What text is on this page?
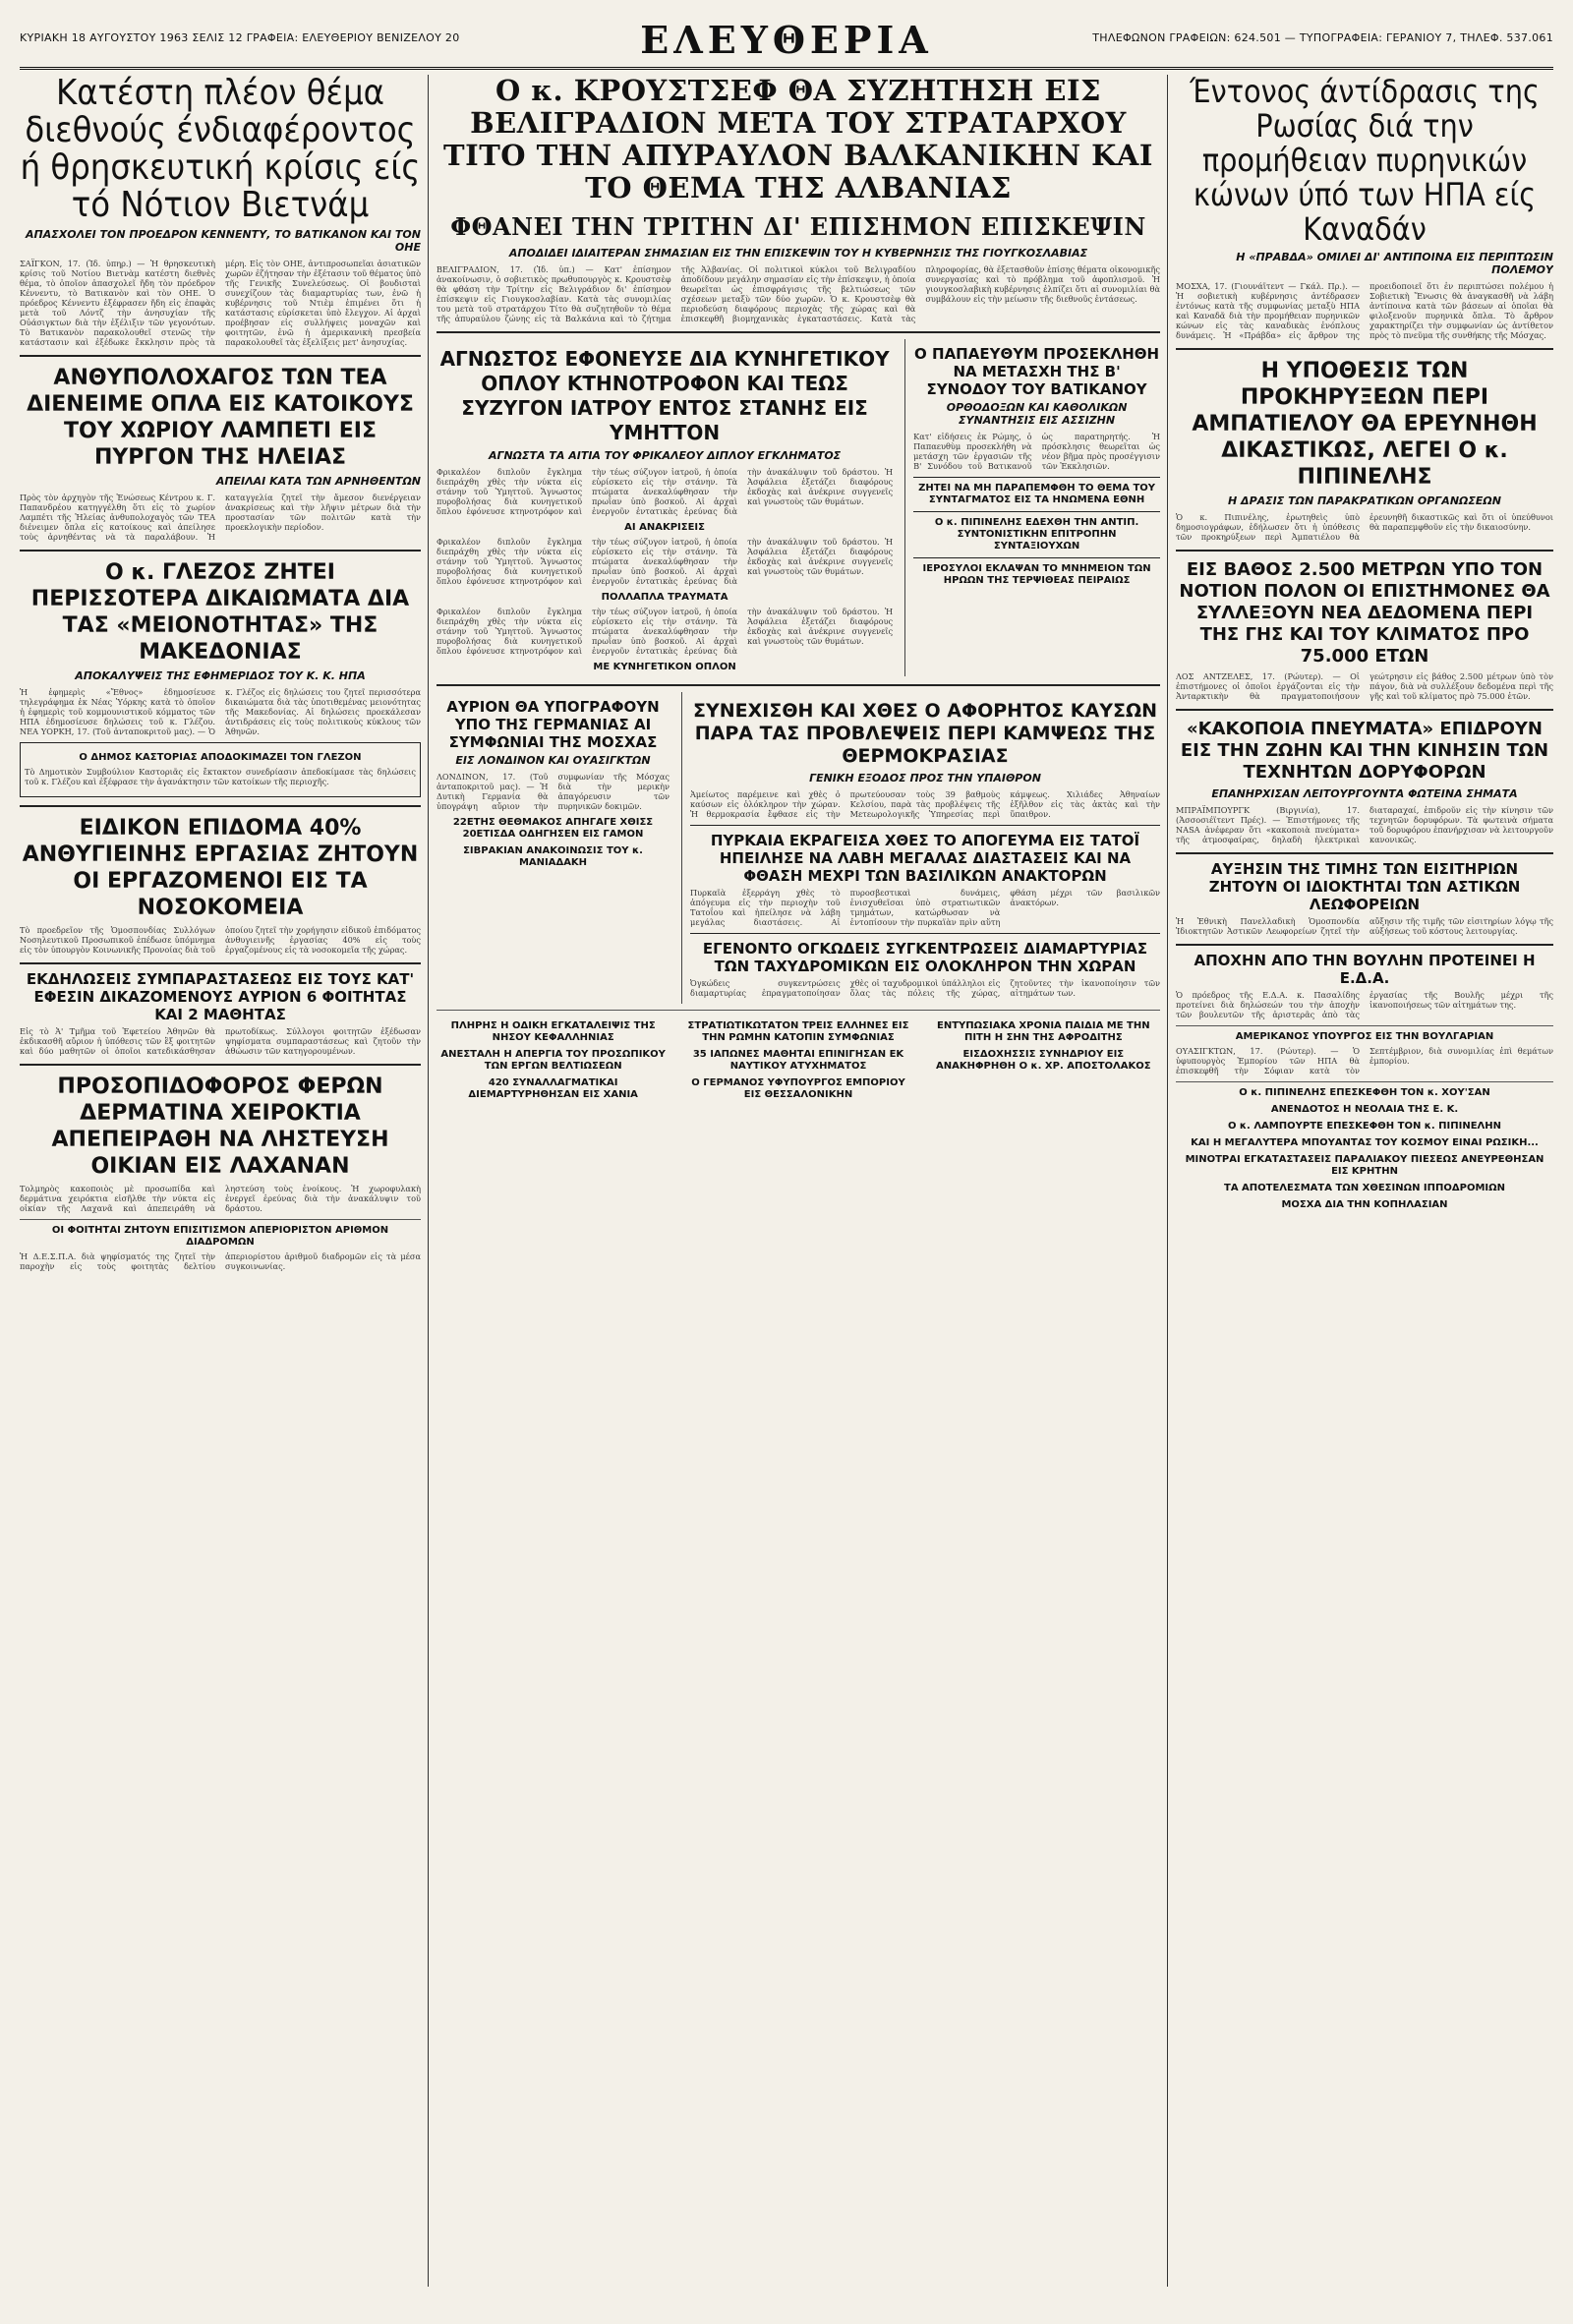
ΚΥΡΙΑΚΗ 18 ΑΥΓΟΥΣΤΟΥ 1963 ΣΕΛΙΣ 12 ΓΡΑΦΕΙΑ: ΕΛΕΥΘΕΡΙΟΥ ΒΕΝΙΖΕΛΟΥ 20	ΕΛΕΥΘΕΡΙΑ	ΤΗΛΕΦΩΝΟΝ ΓΡΑΦΕΙΩΝ: 624.501 — ΤΥΠΟΓΡΑΦΕΙΑ: ΓΕΡΑΝΙΟΥ 7, ΤΗΛΕΦ. 537.061
Κατέστη πλέον θέμα διεθνούς ένδιαφέροντος ή θρησκευτική κρίσις είς τό Νότιον Βιετνάμ
ΑΠΑΣΧΟΛΕΙ ΤΟΝ ΠΡΟΕΔΡΟΝ ΚΕΝΝΕΝΤΥ, ΤΟ ΒΑΤΙΚΑΝΟΝ ΚΑΙ ΤΟΝ ΟΗΕ
ΣΑΪΓΚΟΝ, 17. (Ἰδ. ὑπηρ.) — Ἡ θρησκευτικὴ κρίσις τοῦ Νοτίου Βιετνὰμ κατέστη διεθνὲς θέμα, τὸ ὁποῖον ἀπασχολεῖ ἤδη τὸν πρόεδρον Κέννεντυ, τὸ Βατικανὸν καὶ τὸν ΟΗΕ. Ὁ πρόεδρος Κέννεντυ ἐξέφρασεν ἤδη εἰς ἐπαφὰς μετὰ τοῦ Λόντζ τὴν ἀνησυχίαν τῆς Οὐάσιγκτων διὰ τὴν ἐξέλιξιν τῶν γεγονότων. Τὸ Βατικανὸν παρακολουθεῖ στενῶς τὴν κατάστασιν καὶ ἐξέδωκε ἔκκλησιν πρὸς τὰ μέρη. Εἰς τὸν ΟΗΕ, ἀντιπροσωπεῖαι ἀσιατικῶν χωρῶν ἐζήτησαν τὴν ἐξέτασιν τοῦ θέματος ὑπὸ τῆς Γενικῆς Συνελεύσεως. Οἱ βουδισταὶ συνεχίζουν τὰς διαμαρτυρίας των, ἐνῶ ἡ κυβέρνησις τοῦ Ντιὲμ ἐπιμένει ὅτι ἡ κατάστασις εὑρίσκεται ὑπὸ ἔλεγχον. Αἱ ἀρχαὶ προέβησαν εἰς συλλήψεις μοναχῶν καὶ φοιτητῶν, ἐνῶ ἡ ἀμερικανικὴ πρεσβεία παρακολουθεῖ τὰς ἐξελίξεις μετ' ἀνησυχίας.
ΑΝΘΥΠΟΛΟΧΑΓΟΣ ΤΩΝ ΤΕΑ ΔΙΕΝΕΙΜΕ ΟΠΛΑ ΕΙΣ ΚΑΤΟΙΚΟΥΣ ΤΟΥ ΧΩΡΙΟΥ ΛΑΜΠΕΤΙ ΕΙΣ ΠΥΡΓΟΝ ΤΗΣ ΗΛΕΙΑΣ
ΑΠΕΙΛΑΙ ΚΑΤΑ ΤΩΝ ΑΡΝΗΘΕΝΤΩΝ
Πρὸς τὸν ἀρχηγὸν τῆς Ἑνώσεως Κέντρου κ. Γ. Παπανδρέου κατηγγέλθη ὅτι εἰς τὸ χωρίον Λαμπέτι τῆς Ἠλείας ἀνθυπολοχαγὸς τῶν ΤΕΑ διένειμεν ὅπλα εἰς κατοίκους καὶ ἀπείλησε τοὺς ἀρνηθέντας νὰ τὰ παραλάβουν. Ἡ καταγγελία ζητεῖ τὴν ἄμεσον διενέργειαν ἀνακρίσεως καὶ τὴν λῆψιν μέτρων διὰ τὴν προστασίαν τῶν πολιτῶν κατὰ τὴν προεκλογικὴν περίοδον.
Ο κ. ΓΛΕΖΟΣ ΖΗΤΕΙ ΠΕΡΙΣΣΟΤΕΡΑ ΔΙΚΑΙΩΜΑΤΑ ΔΙΑ ΤΑΣ «ΜΕΙΟΝΟΤΗΤΑΣ» ΤΗΣ ΜΑΚΕΔΟΝΙΑΣ
ΑΠΟΚΑΛΥΨΕΙΣ ΤΗΣ ΕΦΗΜΕΡΙΔΟΣ ΤΟΥ Κ. Κ. ΗΠΑ
Ἡ ἐφημερὶς «Ἔθνος» ἐδημοσίευσε τηλεγράφημα ἐκ Νέας Ὑόρκης κατὰ τὸ ὁποῖον ἡ ἐφημερὶς τοῦ κομμουνιστικοῦ κόμματος τῶν ΗΠΑ ἐδημοσίευσε δηλώσεις τοῦ κ. Γλέζου. ΝΕΑ ΥΟΡΚΗ, 17. (Τοῦ ἀνταποκριτοῦ μας). — Ὁ κ. Γλέζος εἰς δηλώσεις του ζητεῖ περισσότερα δικαιώματα διὰ τὰς ὑποτιθεμένας μειονότητας τῆς Μακεδονίας. Αἱ δηλώσεις προεκάλεσαν ἀντιδράσεις εἰς τοὺς πολιτικοὺς κύκλους τῶν Ἀθηνῶν.
Ο ΔΗΜΟΣ ΚΑΣΤΟΡΙΑΣ ΑΠΟΔΟΚΙΜΑΖΕΙ ΤΟΝ ΓΛΕΖΟΝ
Τὸ Δημοτικὸν Συμβούλιον Καστοριᾶς εἰς ἔκτακτον συνεδρίασιν ἀπεδοκίμασε τὰς δηλώσεις τοῦ κ. Γλέζου καὶ ἐξέφρασε τὴν ἀγανάκτησιν τῶν κατοίκων τῆς περιοχῆς.
ΕΙΔΙΚΟΝ ΕΠΙΔΟΜΑ 40% ΑΝΘΥΓΙΕΙΝΗΣ ΕΡΓΑΣΙΑΣ ΖΗΤΟΥΝ ΟΙ ΕΡΓΑΖΟΜΕΝΟΙ ΕΙΣ ΤΑ ΝΟΣΟΚΟΜΕΙΑ
Τὸ προεδρεῖον τῆς Ὁμοσπονδίας Συλλόγων Νοσηλευτικοῦ Προσωπικοῦ ἐπέδωσε ὑπόμνημα εἰς τὸν ὑπουργὸν Κοινωνικῆς Προνοίας διὰ τοῦ ὁποίου ζητεῖ τὴν χορήγησιν εἰδικοῦ ἐπιδόματος ἀνθυγιεινῆς ἐργασίας 40% εἰς τοὺς ἐργαζομένους εἰς τὰ νοσοκομεῖα τῆς χώρας.
ΕΚΔΗΛΩΣΕΙΣ ΣΥΜΠΑΡΑΣΤΑΣΕΩΣ ΕΙΣ ΤΟΥΣ ΚΑΤ' ΕΦΕΣΙΝ ΔΙΚΑΖΟΜΕΝΟΥΣ ΑΥΡΙΟΝ 6 ΦΟΙΤΗΤΑΣ ΚΑΙ 2 ΜΑΘΗΤΑΣ
Εἰς τὸ Ἀ' Τμῆμα τοῦ Ἐφετείου Ἀθηνῶν θὰ ἐκδικασθῆ αὔριον ἡ ὑπόθεσις τῶν ἓξ φοιτητῶν καὶ δύο μαθητῶν οἱ ὁποῖοι κατεδικάσθησαν πρωτοδίκως. Σύλλογοι φοιτητῶν ἐξέδωσαν ψηφίσματα συμπαραστάσεως καὶ ζητοῦν τὴν ἀθώωσιν τῶν κατηγορουμένων.
ΠΡΟΣΟΠΙΔΟΦΟΡΟΣ ΦΕΡΩΝ ΔΕΡΜΑΤΙΝΑ ΧΕΙΡΟΚΤΙΑ ΑΠΕΠΕΙΡΑΘΗ ΝΑ ΛΗΣΤΕΥΣΗ ΟΙΚΙΑΝ ΕΙΣ ΛΑΧΑΝΑΝ
Τολμηρὸς κακοποιὸς μὲ προσωπίδα καὶ δερμάτινα χειρόκτια εἰσῆλθε τὴν νύκτα εἰς οἰκίαν τῆς Λαχανᾶ καὶ ἀπεπειράθη νὰ ληστεύση τοὺς ἐνοίκους. Ἡ χωροφυλακὴ ἐνεργεῖ ἐρεύνας διὰ τὴν ἀνακάλυψιν τοῦ δράστου.
ΟΙ ΦΟΙΤΗΤΑΙ ΖΗΤΟΥΝ ΕΠΙΣΙΤΙΣΜΟΝ ΑΠΕΡΙΟΡΙΣΤΟΝ ΑΡΙΘΜΟΝ ΔΙΑΔΡΟΜΩΝ
Ἡ Δ.Ε.Σ.Π.Α. διὰ ψηφίσματός της ζητεῖ τὴν παροχὴν εἰς τοὺς φοιτητὰς δελτίου ἀπεριορίστου ἀριθμοῦ διαδρομῶν εἰς τὰ μέσα συγκοινωνίας.
Ο κ. ΚΡΟΥΣΤΣΕΦ ΘΑ ΣΥΖΗΤΗΣΗ ΕΙΣ ΒΕΛΙΓΡΑΔΙΟΝ ΜΕΤΑ ΤΟΥ ΣΤΡΑΤΑΡΧΟΥ ΤΙΤΟ ΤΗΝ ΑΠΥΡΑΥΛΟΝ ΒΑΛΚΑΝΙΚΗΝ ΚΑΙ ΤΟ ΘΕΜΑ ΤΗΣ ΑΛΒΑΝΙΑΣ
ΦΘΑΝΕΙ ΤΗΝ ΤΡΙΤΗΝ ΔΙ' ΕΠΙΣΗΜΟΝ ΕΠΙΣΚΕΨΙΝ
ΑΠΟΔΙΔΕΙ ΙΔΙΑΙΤΕΡΑΝ ΣΗΜΑΣΙΑΝ ΕΙΣ ΤΗΝ ΕΠΙΣΚΕΨΙΝ ΤΟΥ Η ΚΥΒΕΡΝΗΣΙΣ ΤΗΣ ΓΙΟΥΓΚΟΣΛΑΒΙΑΣ
ΒΕΛΙΓΡΑΔΙΟΝ, 17. (Ἰδ. ὑπ.) — Κατ' ἐπίσημον ἀνακοίνωσιν, ὁ σοβιετικὸς πρωθυπουργὸς κ. Κρουστσὲφ θὰ φθάση τὴν Τρίτην εἰς Βελιγράδιον δι' ἐπίσημον ἐπίσκεψιν εἰς Γιουγκοσλαβίαν. Κατὰ τὰς συνομιλίας του μετὰ τοῦ στρατάρχου Τίτο θὰ συζητηθοῦν τὸ θέμα τῆς ἀπυραύλου ζώνης εἰς τὰ Βαλκάνια καὶ τὸ ζήτημα τῆς Ἀλβανίας. Οἱ πολιτικοὶ κύκλοι τοῦ Βελιγραδίου ἀποδίδουν μεγάλην σημασίαν εἰς τὴν ἐπίσκεψιν, ἡ ὁποία θεωρεῖται ὡς ἐπισφράγισις τῆς βελτιώσεως τῶν σχέσεων μεταξὺ τῶν δύο χωρῶν. Ὁ κ. Κρουστσὲφ θὰ περιοδεύση διαφόρους περιοχὰς τῆς χώρας καὶ θὰ ἐπισκεφθῆ βιομηχανικὰς ἐγκαταστάσεις. Κατὰ τὰς πληροφορίας, θὰ ἐξετασθοῦν ἐπίσης θέματα οἰκονομικῆς συνεργασίας καὶ τὸ πρόβλημα τοῦ ἀφοπλισμοῦ. Ἡ γιουγκοσλαβικὴ κυβέρνησις ἐλπίζει ὅτι αἱ συνομιλίαι θὰ συμβάλουν εἰς τὴν μείωσιν τῆς διεθνοῦς ἐντάσεως.
ΑΓΝΩΣΤΟΣ ΕΦΟΝΕΥΣΕ ΔΙΑ ΚΥΝΗΓΕΤΙΚΟΥ ΟΠΛΟΥ ΚΤΗΝΟΤΡΟΦΟΝ ΚΑΙ ΤΕΩΣ ΣΥΖΥΓΟΝ ΙΑΤΡΟΥ ΕΝΤΟΣ ΣΤΑΝΗΣ ΕΙΣ ΥΜΗΤΤΟΝ
ΑΓΝΩΣΤΑ ΤΑ ΑΙΤΙΑ ΤΟΥ ΦΡΙΚΑΛΕΟΥ ΔΙΠΛΟΥ ΕΓΚΛΗΜΑΤΟΣ
Φρικαλέον διπλοῦν ἔγκλημα διεπράχθη χθὲς τὴν νύκτα εἰς στάνην τοῦ Ὑμηττοῦ. Ἄγνωστος πυροβολήσας διὰ κυνηγετικοῦ ὅπλου ἐφόνευσε κτηνοτρόφον καὶ τὴν τέως σύζυγον ἰατροῦ, ἡ ὁποία εὑρίσκετο εἰς τὴν στάνην. Τὰ πτώματα ἀνεκαλύφθησαν τὴν πρωΐαν ὑπὸ βοσκοῦ. Αἱ ἀρχαὶ ἐνεργοῦν ἐντατικὰς ἐρεύνας διὰ τὴν ἀνακάλυψιν τοῦ δράστου. Ἡ Ἀσφάλεια ἐξετάζει διαφόρους ἐκδοχὰς καὶ ἀνέκρινε συγγενεῖς καὶ γνωστοὺς τῶν θυμάτων.
ΑΙ ΑΝΑΚΡΙΣΕΙΣ
Φρικαλέον διπλοῦν ἔγκλημα διεπράχθη χθὲς τὴν νύκτα εἰς στάνην τοῦ Ὑμηττοῦ. Ἄγνωστος πυροβολήσας διὰ κυνηγετικοῦ ὅπλου ἐφόνευσε κτηνοτρόφον καὶ τὴν τέως σύζυγον ἰατροῦ, ἡ ὁποία εὑρίσκετο εἰς τὴν στάνην. Τὰ πτώματα ἀνεκαλύφθησαν τὴν πρωΐαν ὑπὸ βοσκοῦ. Αἱ ἀρχαὶ ἐνεργοῦν ἐντατικὰς ἐρεύνας διὰ τὴν ἀνακάλυψιν τοῦ δράστου. Ἡ Ἀσφάλεια ἐξετάζει διαφόρους ἐκδοχὰς καὶ ἀνέκρινε συγγενεῖς καὶ γνωστοὺς τῶν θυμάτων.
ΠΟΛΛΑΠΛΑ ΤΡΑΥΜΑΤΑ
Φρικαλέον διπλοῦν ἔγκλημα διεπράχθη χθὲς τὴν νύκτα εἰς στάνην τοῦ Ὑμηττοῦ. Ἄγνωστος πυροβολήσας διὰ κυνηγετικοῦ ὅπλου ἐφόνευσε κτηνοτρόφον καὶ τὴν τέως σύζυγον ἰατροῦ, ἡ ὁποία εὑρίσκετο εἰς τὴν στάνην. Τὰ πτώματα ἀνεκαλύφθησαν τὴν πρωΐαν ὑπὸ βοσκοῦ. Αἱ ἀρχαὶ ἐνεργοῦν ἐντατικὰς ἐρεύνας διὰ τὴν ἀνακάλυψιν τοῦ δράστου. Ἡ Ἀσφάλεια ἐξετάζει διαφόρους ἐκδοχὰς καὶ ἀνέκρινε συγγενεῖς καὶ γνωστοὺς τῶν θυμάτων.
ΜΕ ΚΥΝΗΓΕΤΙΚΟΝ ΟΠΛΟΝ
Ο ΠΑΠΑΕΥΘΥΜ ΠΡΟΣΕΚΛΗΘΗ ΝΑ ΜΕΤΑΣΧΗ ΤΗΣ Β' ΣΥΝΟΔΟΥ ΤΟΥ ΒΑΤΙΚΑΝΟΥ
ΟΡΘΟΔΟΞΩΝ ΚΑΙ ΚΑΘΟΛΙΚΩΝ ΣΥΝΑΝΤΗΣΙΣ ΕΙΣ ΑΣΣΙΖΗΝ
Κατ' εἰδήσεις ἐκ Ρώμης, ὁ Παπαευθὺμ προσεκλήθη νὰ μετάσχη τῶν ἐργασιῶν τῆς Β' Συνόδου τοῦ Βατικανοῦ ὡς παρατηρητής. Ἡ πρόσκλησις θεωρεῖται ὡς νέον βῆμα πρὸς προσέγγισιν τῶν Ἐκκλησιῶν.
ΖΗΤΕΙ ΝΑ ΜΗ ΠΑΡΑΠΕΜΦΘΗ ΤΟ ΘΕΜΑ ΤΟΥ ΣΥΝΤΑΓΜΑΤΟΣ ΕΙΣ ΤΑ ΗΝΩΜΕΝΑ ΕΘΝΗ
Ο κ. ΠΙΠΙΝΕΛΗΣ ΕΔΕΧΘΗ ΤΗΝ ΑΝΤΙΠ. ΣΥΝΤΟΝΙΣΤΙΚΗΝ ΕΠΙΤΡΟΠΗΝ ΣΥΝΤΑΞΙΟΥΧΩΝ
ΙΕΡΟΣΥΛΟΙ ΕΚΛΑΨΑΝ ΤΟ ΜΝΗΜΕΙΟΝ ΤΩΝ ΗΡΩΩΝ ΤΗΣ ΤΕΡΨΙΘΕΑΣ ΠΕΙΡΑΙΩΣ
ΑΥΡΙΟΝ ΘΑ ΥΠΟΓΡΑΦΟΥΝ ΥΠΟ ΤΗΣ ΓΕΡΜΑΝΙΑΣ ΑΙ ΣΥΜΦΩΝΙΑΙ ΤΗΣ ΜΟΣΧΑΣ
ΕΙΣ ΛΟΝΔΙΝΟΝ ΚΑΙ ΟΥΑΣΙΓΚΤΩΝ
ΛΟΝΔΙΝΟΝ, 17. (Τοῦ ἀνταποκριτοῦ μας). — Ἡ Δυτικὴ Γερμανία θὰ ὑπογράψη αὔριον τὴν συμφωνίαν τῆς Μόσχας διὰ τὴν μερικὴν ἀπαγόρευσιν τῶν πυρηνικῶν δοκιμῶν.
22ΕΤΗΣ ΘΕΘΜΑΚΟΣ ΑΠΗΓΑΓΕ ΧΘΙΣΣ 20ΕΤΙΣΔΑ ΟΔΗΓΗΣΕΝ ΕΙΣ ΓΑΜΟΝ
ΣΙΒΡΑΚΙΑΝ ΑΝΑΚΟΙΝΩΣΙΣ ΤΟΥ κ. ΜΑΝΙΑΔΑΚΗ
ΣΥΝΕΧΙΣΘΗ ΚΑΙ ΧΘΕΣ Ο ΑΦΟΡΗΤΟΣ ΚΑΥΣΩΝ ΠΑΡΑ ΤΑΣ ΠΡΟΒΛΕΨΕΙΣ ΠΕΡΙ ΚΑΜΨΕΩΣ ΤΗΣ ΘΕΡΜΟΚΡΑΣΙΑΣ
ΓΕΝΙΚΗ ΕΞΟΔΟΣ ΠΡΟΣ ΤΗΝ ΥΠΑΙΘΡΟΝ
Ἀμείωτος παρέμεινε καὶ χθὲς ὁ καύσων εἰς ὁλόκληρον τὴν χώραν. Ἡ θερμοκρασία ἔφθασε εἰς τὴν πρωτεύουσαν τοὺς 39 βαθμοὺς Κελσίου, παρὰ τὰς προβλέψεις τῆς Μετεωρολογικῆς Ὑπηρεσίας περὶ κάμψεως. Χιλιάδες Ἀθηναίων ἐξῆλθον εἰς τὰς ἀκτὰς καὶ τὴν ὕπαιθρον.
ΠΥΡΚΑΙΑ ΕΚΡΑΓΕΙΣΑ ΧΘΕΣ ΤΟ ΑΠΟΓΕΥΜΑ ΕΙΣ ΤΑΤΟΪ ΗΠΕΙΛΗΣΕ ΝΑ ΛΑΒΗ ΜΕΓΑΛΑΣ ΔΙΑΣΤΑΣΕΙΣ ΚΑΙ ΝΑ ΦΘΑΣΗ ΜΕΧΡΙ ΤΩΝ ΒΑΣΙΛΙΚΩΝ ΑΝΑΚΤΟΡΩΝ
Πυρκαϊὰ ἐξερράγη χθὲς τὸ ἀπόγευμα εἰς τὴν περιοχὴν τοῦ Τατοΐου καὶ ἠπείλησε νὰ λάβη μεγάλας διαστάσεις. Αἱ πυροσβεστικαὶ δυνάμεις, ἐνισχυθεῖσαι ὑπὸ στρατιωτικῶν τμημάτων, κατώρθωσαν νὰ ἐντοπίσουν τὴν πυρκαϊὰν πρὶν αὕτη φθάση μέχρι τῶν βασιλικῶν ἀνακτόρων.
ΕΓΕΝΟΝΤΟ ΟΓΚΩΔΕΙΣ ΣΥΓΚΕΝΤΡΩΣΕΙΣ ΔΙΑΜΑΡΤΥΡΙΑΣ ΤΩΝ ΤΑΧΥΔΡΟΜΙΚΩΝ ΕΙΣ ΟΛΟΚΛΗΡΟΝ ΤΗΝ ΧΩΡΑΝ
Ὀγκώδεις συγκεντρώσεις διαμαρτυρίας ἐπραγματοποίησαν χθὲς οἱ ταχυδρομικοὶ ὑπάλληλοι εἰς ὅλας τὰς πόλεις τῆς χώρας, ζητοῦντες τὴν ἱκανοποίησιν τῶν αἰτημάτων των.
ΠΛΗΡΗΣ Η ΟΔΙΚΗ ΕΓΚΑΤΑΛΕΙΨΙΣ ΤΗΣ ΝΗΣΟΥ ΚΕΦΑΛΛΗΝΙΑΣ
ΑΝΕΣΤΑΛΗ Η ΑΠΕΡΓΙΑ ΤΟΥ ΠΡΟΣΩΠΙΚΟΥ ΤΩΝ ΕΡΓΩΝ ΒΕΛΤΙΩΣΕΩΝ
420 ΣΥΝΑΛΛΑΓΜΑΤΙΚΑΙ ΔΙΕΜΑΡΤΥΡΗΘΗΣΑΝ ΕΙΣ ΧΑΝΙΑ
ΣΤΡΑΤΙΩΤΙΚΩΤΑΤΟΝ ΤΡΕΙΣ ΕΛΛΗΝΕΣ ΕΙΣ ΤΗΝ ΡΩΜΗΝ ΚΑΤΟΠΙΝ ΣΥΜΦΩΝΙΑΣ
35 ΙΑΠΩΝΕΣ ΜΑΘΗΤΑΙ ΕΠΙΝΙΓΗΣΑΝ ΕΚ ΝΑΥΤΙΚΟΥ ΑΤΥΧΗΜΑΤΟΣ
Ο ΓΕΡΜΑΝΟΣ ΥΦΥΠΟΥΡΓΟΣ ΕΜΠΟΡΙΟΥ ΕΙΣ ΘΕΣΣΑΛΟΝΙΚΗΝ
ΕΝΤΥΠΩΣΙΑΚΑ ΧΡΟΝΙΑ ΠΑΙΔΙΑ ΜΕ ΤΗΝ ΠΙΤΗ Η ΣΗΝ ΤΗΣ ΑΦΡΟΔΙΤΗΣ
ΕΙΣΔΟΧΗΣΣΙΣ ΣΥΝΗΔΡΙΟΥ ΕΙΣ ΑΝΑΚΗΦΡΗΘΗ Ο κ. ΧΡ. ΑΠΟΣΤΟΛΑΚΟΣ
Έντονος άντίδρασις της Ρωσίας διά την προμήθειαν πυρηνικών κώνων ύπό των ΗΠΑ είς Καναδάν
Η «ΠΡΑΒΔΑ» ΟΜΙΛΕΙ ΔΙ' ΑΝΤΙΠΟΙΝΑ ΕΙΣ ΠΕΡΙΠΤΩΣΙΝ ΠΟΛΕΜΟΥ
ΜΟΣΧΑ, 17. (Γιουνάϊτεντ — Γκάλ. Πρ.). — Ἡ σοβιετικὴ κυβέρνησις ἀντέδρασεν ἐντόνως κατὰ τῆς συμφωνίας μεταξὺ ΗΠΑ καὶ Καναδᾶ διὰ τὴν προμήθειαν πυρηνικῶν κώνων εἰς τὰς καναδικὰς ἐνόπλους δυνάμεις. Ἡ «Πράβδα» εἰς ἄρθρον της προειδοποιεῖ ὅτι ἐν περιπτώσει πολέμου ἡ Σοβιετικὴ Ἕνωσις θὰ ἀναγκασθῆ νὰ λάβη ἀντίποινα κατὰ τῶν βάσεων αἱ ὁποῖαι θὰ φιλοξενοῦν πυρηνικὰ ὅπλα. Τὸ ἄρθρον χαρακτηρίζει τὴν συμφωνίαν ὡς ἀντίθετον πρὸς τὸ πνεῦμα τῆς συνθήκης τῆς Μόσχας.
Η ΥΠΟΘΕΣΙΣ ΤΩΝ ΠΡΟΚΗΡΥΞΕΩΝ ΠΕΡΙ ΑΜΠΑΤΙΕΛΟΥ ΘΑ ΕΡΕΥΝΗΘΗ ΔΙΚΑΣΤΙΚΩΣ, ΛΕΓΕΙ Ο κ. ΠΙΠΙΝΕΛΗΣ
Η ΔΡΑΣΙΣ ΤΩΝ ΠΑΡΑΚΡΑΤΙΚΩΝ ΟΡΓΑΝΩΣΕΩΝ
Ὁ κ. Πιπινέλης, ἐρωτηθεὶς ὑπὸ δημοσιογράφων, ἐδήλωσεν ὅτι ἡ ὑπόθεσις τῶν προκηρύξεων περὶ Ἀμπατιέλου θὰ ἐρευνηθῆ δικαστικῶς καὶ ὅτι οἱ ὑπεύθυνοι θὰ παραπεμφθοῦν εἰς τὴν δικαιοσύνην.
ΕΙΣ ΒΑΘΟΣ 2.500 ΜΕΤΡΩΝ ΥΠΟ ΤΟΝ ΝΟΤΙΟΝ ΠΟΛΟΝ ΟΙ ΕΠΙΣΤΗΜΟΝΕΣ ΘΑ ΣΥΛΛΕΞΟΥΝ ΝΕΑ ΔΕΔΟΜΕΝΑ ΠΕΡΙ ΤΗΣ ΓΗΣ ΚΑΙ ΤΟΥ ΚΛΙΜΑΤΟΣ ΠΡΟ 75.000 ΕΤΩΝ
ΛΟΣ ΑΝΤΖΕΛΕΣ, 17. (Ρώυτερ). — Οἱ ἐπιστήμονες οἱ ὁποῖοι ἐργάζονται εἰς τὴν Ἀνταρκτικὴν θὰ πραγματοποιήσουν γεώτρησιν εἰς βάθος 2.500 μέτρων ὑπὸ τὸν πάγον, διὰ νὰ συλλέξουν δεδομένα περὶ τῆς γῆς καὶ τοῦ κλίματος πρὸ 75.000 ἐτῶν.
«ΚΑΚΟΠΟΙΑ ΠΝΕΥΜΑΤΑ» ΕΠΙΔΡΟΥΝ ΕΙΣ ΤΗΝ ΖΩΗΝ ΚΑΙ ΤΗΝ ΚΙΝΗΣΙΝ ΤΩΝ ΤΕΧΝΗΤΩΝ ΔΟΡΥΦΟΡΩΝ
ΕΠΑΝΗΡΧΙΣΑΝ ΛΕΙΤΟΥΡΓΟΥΝΤΑ ΦΩΤΕΙΝΑ ΣΗΜΑΤΑ
ΜΠΡΑΪΜΠΟΥΡΓΚ (Βιργινία), 17. (Ἀσσοσιέϊτεντ Πρές). — Ἐπιστήμονες τῆς NASA ἀνέφεραν ὅτι «κακοποιὰ πνεύματα» τῆς ἀτμοσφαίρας, δηλαδὴ ἠλεκτρικαὶ διαταραχαί, ἐπιδροῦν εἰς τὴν κίνησιν τῶν τεχνητῶν δορυφόρων. Τὰ φωτεινὰ σήματα τοῦ δορυφόρου ἐπανήρχισαν νὰ λειτουργοῦν κανονικῶς.
ΑΥΞΗΣΙΝ ΤΗΣ ΤΙΜΗΣ ΤΩΝ ΕΙΣΙΤΗΡΙΩΝ ΖΗΤΟΥΝ ΟΙ ΙΔΙΟΚΤΗΤΑΙ ΤΩΝ ΑΣΤΙΚΩΝ ΛΕΩΦΟΡΕΙΩΝ
Ἡ Ἐθνικὴ Πανελλαδικὴ Ὁμοσπονδία Ἰδιοκτητῶν Ἀστικῶν Λεωφορείων ζητεῖ τὴν αὔξησιν τῆς τιμῆς τῶν εἰσιτηρίων λόγῳ τῆς αὐξήσεως τοῦ κόστους λειτουργίας.
ΑΠΟΧΗΝ ΑΠΟ ΤΗΝ ΒΟΥΛΗΝ ΠΡΟΤΕΙΝΕΙ Η Ε.Δ.Α.
Ὁ πρόεδρος τῆς Ε.Δ.Α. κ. Πασαλίδης προτείνει διὰ δηλώσεών του τὴν ἀποχὴν τῶν βουλευτῶν τῆς ἀριστερᾶς ἀπὸ τὰς ἐργασίας τῆς Βουλῆς μέχρι τῆς ἱκανοποιήσεως τῶν αἰτημάτων της.
ΑΜΕΡΙΚΑΝΟΣ ΥΠΟΥΡΓΟΣ ΕΙΣ ΤΗΝ ΒΟΥΛΓΑΡΙΑΝ
ΟΥΑΣΙΓΚΤΩΝ, 17. (Ρώυτερ). — Ὁ ὑφυπουργὸς Ἐμπορίου τῶν ΗΠΑ θὰ ἐπισκεφθῆ τὴν Σόφιαν κατὰ τὸν Σεπτέμβριον, διὰ συνομιλίας ἐπὶ θεμάτων ἐμπορίου.
Ο κ. ΠΙΠΙΝΕΛΗΣ ΕΠΕΣΚΕΦΘΗ ΤΟΝ κ. ΧΟΥ'ΣΑΝ
ΑΝΕΝΔΟΤΟΣ Η ΝΕΟΛΑΙΑ ΤΗΣ Ε. Κ.
Ο κ. ΛΑΜΠΟΥΡΤΕ ΕΠΕΣΚΕΦΘΗ ΤΟΝ κ. ΠΙΠΙΝΕΛΗΝ
ΚΑΙ Η ΜΕΓΑΛΥΤΕΡΑ ΜΠΟΥΑΝΤΑΣ ΤΟΥ ΚΟΣΜΟΥ ΕΙΝΑΙ ΡΩΣΙΚΗ...
ΜΙΝΟΤΡΑΙ ΕΓΚΑΤΑΣΤΑΣΕΙΣ ΠΑΡΑΛΙΑΚΟΥ ΠΙΕΣΕΩΣ ΑΝΕΥΡΕΘΗΣΑΝ ΕΙΣ ΚΡΗΤΗΝ
ΤΑ ΑΠΟΤΕΛΕΣΜΑΤΑ ΤΩΝ ΧΘΕΣΙΝΩΝ ΙΠΠΟΔΡΟΜΙΩΝ
ΜΟΣΧΑ ΔΙΑ ΤΗΝ ΚΟΠΗΛΑΣΙΑΝ
